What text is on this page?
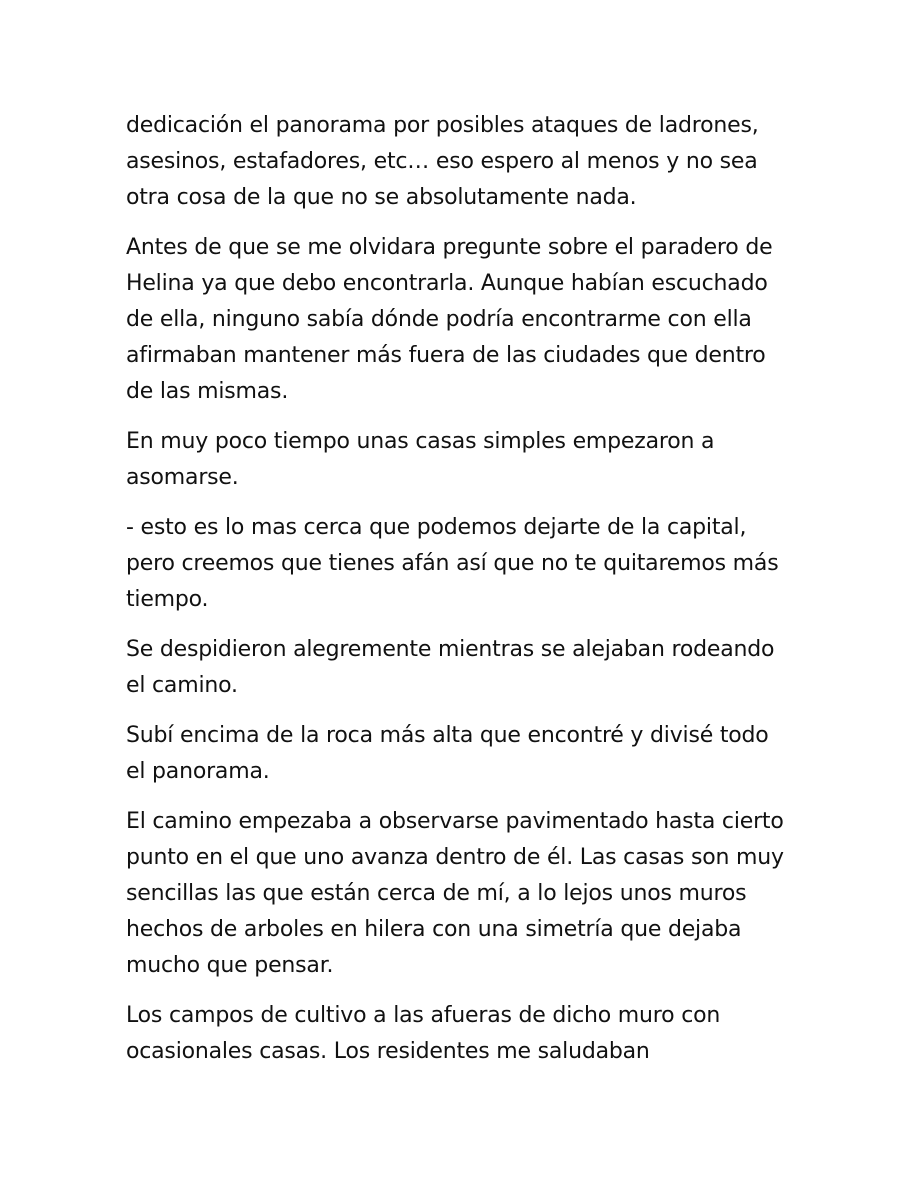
dedicación el panorama por posibles ataques de ladrones, asesinos, estafadores, etc… eso espero al menos y no sea otra cosa de la que no se absolutamente nada.

Antes de que se me olvidara pregunte sobre el paradero de Helina ya que debo encontrarla. Aunque habían escuchado de ella, ninguno sabía dónde podría encontrarme con ella afirmaban mantener más fuera de las ciudades que dentro de las mismas.

En muy poco tiempo unas casas simples empezaron a asomarse.

- esto es lo mas cerca que podemos dejarte de la capital, pero creemos que tienes afán así que no te quitaremos más tiempo.

Se despidieron alegremente mientras se alejaban rodeando el camino.

Subí encima de la roca más alta que encontré y divisé todo el panorama.

El camino empezaba a observarse pavimentado hasta cierto punto en el que uno avanza dentro de él. Las casas son muy sencillas las que están cerca de mí, a lo lejos unos muros hechos de arboles en hilera con una simetría que dejaba mucho que pensar.

Los campos de cultivo a las afueras de dicho muro con ocasionales casas. Los residentes me saludaban
